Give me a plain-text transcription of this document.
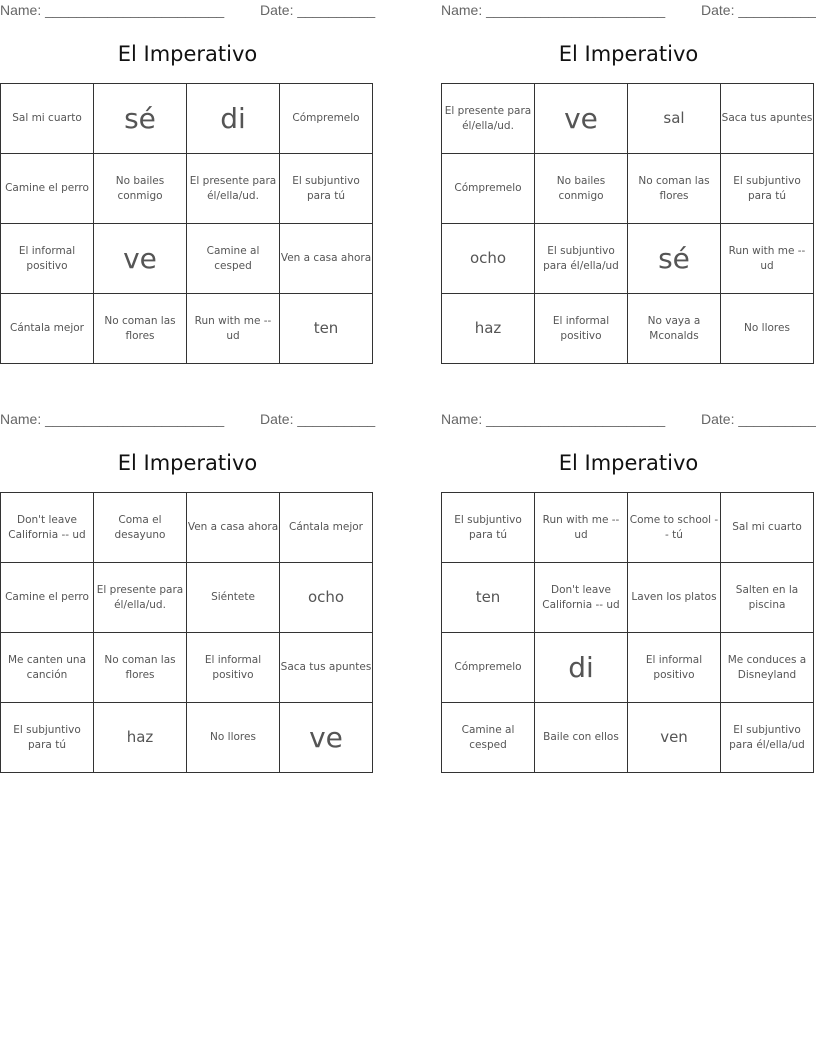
Name: _______________________	Date: __________
El Imperativo
Sal mi cuarto	sé	di	Cómpremelo
Camine el perro	No bailes conmigo	El presente para él/ella/ud.	El subjuntivo para tú
El informal positivo	ve	Camine al cesped	Ven a casa ahora
Cántala mejor	No coman las flores	Run with me -- ud	ten
Name: _______________________	Date: __________
El Imperativo
El presente para él/ella/ud.	ve	sal	Saca tus apuntes
Cómpremelo	No bailes conmigo	No coman las flores	El subjuntivo para tú
ocho	El subjuntivo para él/ella/ud	sé	Run with me -- ud
haz	El informal positivo	No vaya a Mconalds	No llores
Name: _______________________	Date: __________
El Imperativo
Don't leave California -- ud	Coma el desayuno	Ven a casa ahora	Cántala mejor
Camine el perro	El presente para él/ella/ud.	Siéntete	ocho
Me canten una canción	No coman las flores	El informal positivo	Saca tus apuntes
El subjuntivo para tú	haz	No llores	ve
Name: _______________________	Date: __________
El Imperativo
El subjuntivo para tú	Run with me -- ud	Come to school -- tú	Sal mi cuarto
ten	Don't leave California -- ud	Laven los platos	Salten en la piscina
Cómpremelo	di	El informal positivo	Me conduces a Disneyland
Camine al cesped	Baile con ellos	ven	El subjuntivo para él/ella/ud
